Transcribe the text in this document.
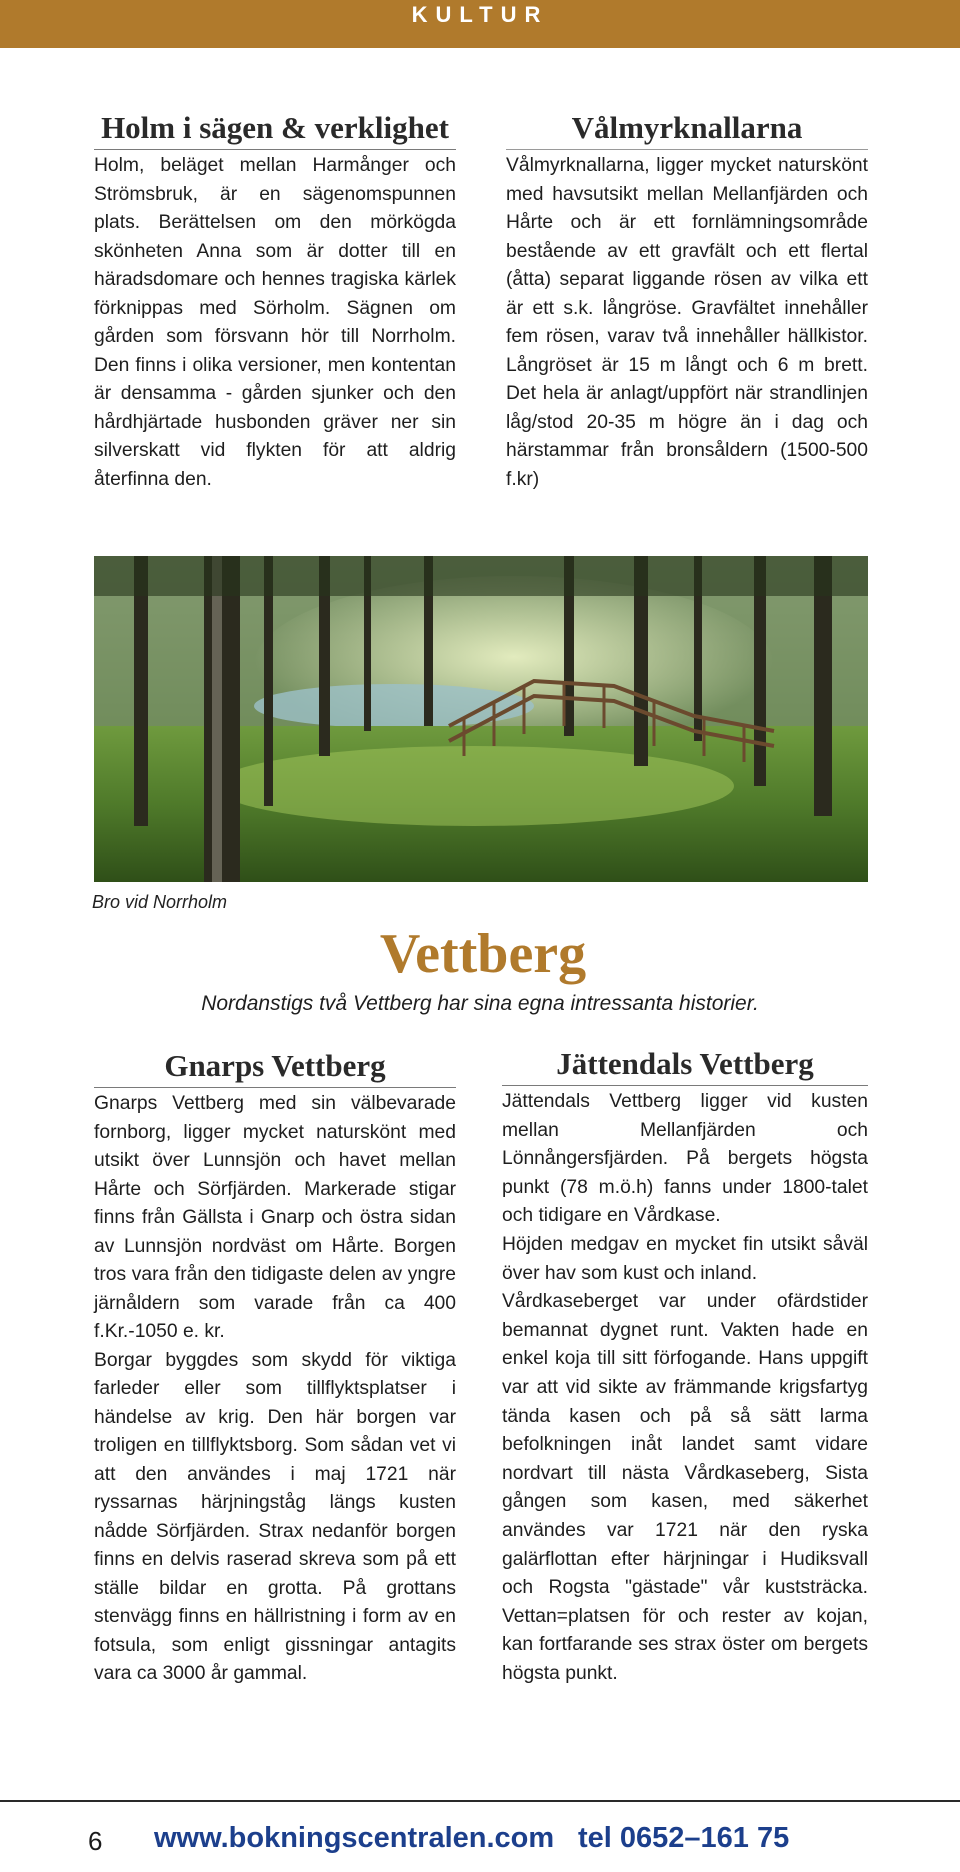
KULTUR
Holm i sägen & verklighet

Holm, beläget mellan Harmånger och Strömsbruk, är en sägenomspunnen plats. Berättelsen om den mörkögda skönheten Anna som är dotter till en häradsdomare och hennes tragiska kärlek förknippas med Sörholm. Sägnen om gården som försvann hör till Norrholm. Den finns i olika versioner, men kontentan är densamma - gården sjunker och den hårdhjärtade husbonden gräver ner sin silverskatt vid flykten för att aldrig återfinna den.

Vålmyrknallarna

Vålmyrknallarna, ligger mycket naturskönt med havsutsikt mellan Mellanfjärden och Hårte och är ett fornlämningsområde bestående av ett gravfält och ett flertal (åtta) separat liggande rösen av vilka ett är ett s.k. långröse. Gravfältet innehåller fem rösen, varav två innehåller hällkistor. Långröset är 15 m långt och 6 m brett. Det hela är anlagt/uppfört när strandlinjen låg/stod 20-35 m högre än i dag och härstammar från bronsåldern (1500-500 f.kr)

Bro vid Norrholm
Vettberg
Nordanstigs två Vettberg har sina egna intressanta historier.
Gnarps Vettberg

Gnarps Vettberg med sin välbevarade fornborg, ligger mycket naturskönt med utsikt över Lunnsjön och havet mellan Hårte och Sörfjärden. Markerade stigar finns från Gällsta i Gnarp och östra sidan av Lunnsjön nordväst om Hårte. Borgen tros vara från den tidigaste delen av yngre järnåldern som varade från ca 400 f.Kr.-1050 e. kr.

Borgar byggdes som skydd för viktiga farleder eller som tillflyktsplatser i händelse av krig. Den här borgen var troligen en tillflyktsborg. Som sådan vet vi att den användes i maj 1721 när ryssarnas härjningståg längs kusten nådde Sörfjärden. Strax nedanför borgen finns en delvis raserad skreva som på ett ställe bildar en grotta. På grottans stenvägg finns en hällristning i form av en fotsula, som enligt gissningar antagits vara ca 3000 år gammal.

Jättendals Vettberg

Jättendals Vettberg ligger vid kusten mellan Mellanfjärden och Lönnångersfjärden. På bergets högsta punkt (78 m.ö.h) fanns under 1800-talet och tidigare en Vårdkase.

Höjden medgav en mycket fin utsikt såväl över hav som kust och inland.

Vårdkaseberget var under ofärdstider bemannat dygnet runt. Vakten hade en enkel koja till sitt förfogande. Hans uppgift var att vid sikte av främmande krigsfartyg tända kasen och på så sätt larma befolkningen inåt landet samt vidare nordvart till nästa Vårdkaseberg, Sista gången som kasen, med säkerhet användes var 1721 när den ryska galärflottan efter härjningar i Hudiksvall och Rogsta "gästade" vår kuststräcka. Vettan=platsen för och rester av kojan, kan fortfarande ses strax öster om bergets högsta punkt.

6 www.bokningscentralen.com tel 0652–161 75
